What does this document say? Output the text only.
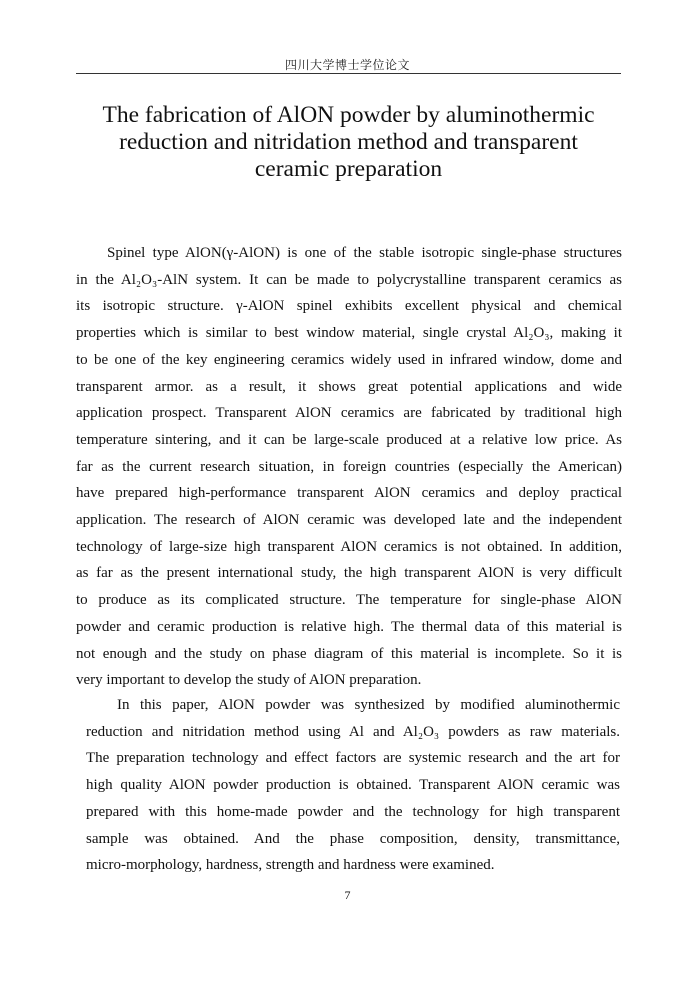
四川大学博士学位论文
The fabrication of AlON powder by aluminothermic
reduction and nitridation method and transparent
ceramic preparation
Spinel type AlON(γ-AlON) is one of the stable isotropic single-phase structures
in the Al₂O₃-AlN system. It can be made to polycrystalline transparent ceramics as
its isotropic structure. γ-AlON spinel exhibits excellent physical and chemical
properties which is similar to best window material, single crystal Al₂O₃, making it
to be one of the key engineering ceramics widely used in infrared window, dome and
transparent armor. as a result, it shows great potential applications and wide
application prospect. Transparent AlON ceramics are fabricated by traditional high
temperature sintering, and it can be large-scale produced at a relative low price. As
far as the current research situation, in foreign countries (especially the American)
have prepared high-performance transparent AlON ceramics and deploy practical
application. The research of AlON ceramic was developed late and the independent
technology of large-size high transparent AlON ceramics is not obtained. In addition,
as far as the present international study, the high transparent AlON is very difficult
to produce as its complicated structure. The temperature for single-phase AlON
powder and ceramic production is relative high. The thermal data of this material is
not enough and the study on phase diagram of this material is incomplete. So it is
very important to develop the study of AlON preparation.
In this paper, AlON powder was synthesized by modified aluminothermic
reduction and nitridation method using Al and Al₂O₃ powders as raw materials.
The preparation technology and effect factors are systemic research and the art for
high quality AlON powder production is obtained. Transparent AlON ceramic was
prepared with this home-made powder and the technology for high transparent
sample was obtained. And the phase composition, density, transmittance,
micro-morphology, hardness, strength and hardness were examined.
7
